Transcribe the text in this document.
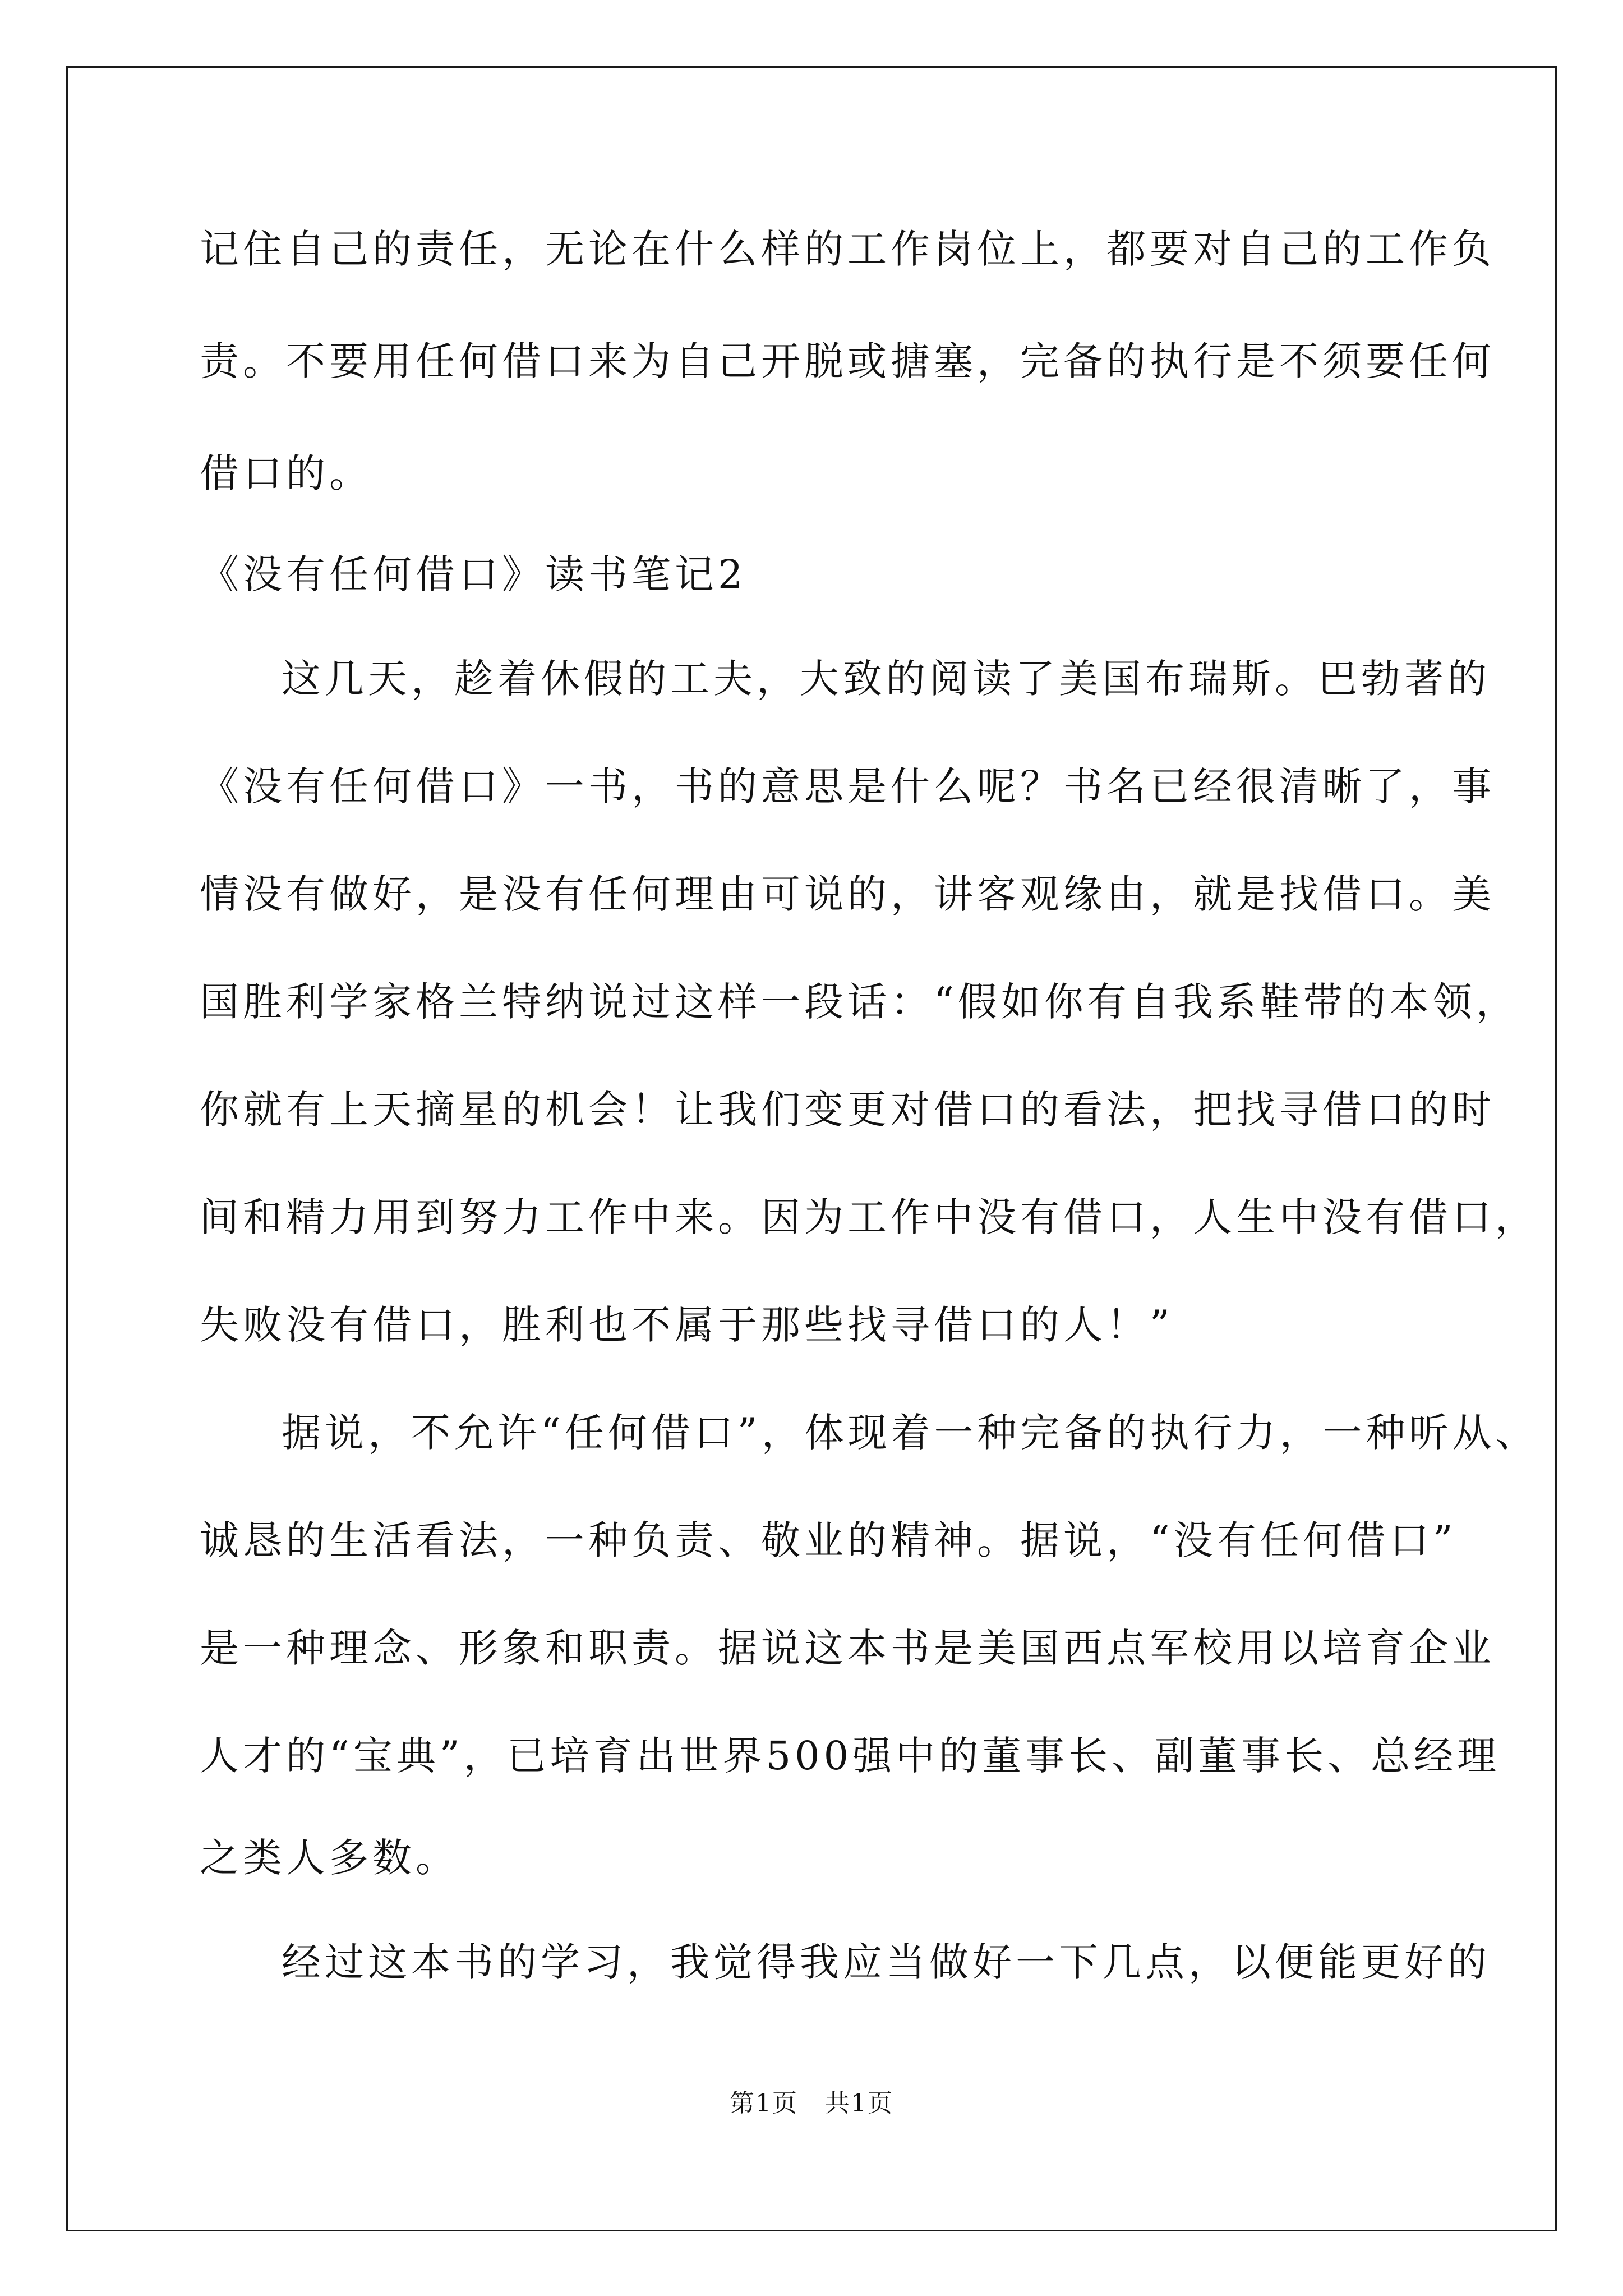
记住自己的责任，无论在什么样的工作岗位上，都要对自己的工作负
责。不要用任何借口来为自己开脱或搪塞，完备的执行是不须要任何
借口的。
《没有任何借口》读书笔记2
这几天，趁着休假的工夫，大致的阅读了美国布瑞斯。巴勃著的
《没有任何借口》一书，书的意思是什么呢？书名已经很清晰了，事
情没有做好，是没有任何理由可说的，讲客观缘由，就是找借口。美
国胜利学家格兰特纳说过这样一段话：“假如你有自我系鞋带的本领，
你就有上天摘星的机会！让我们变更对借口的看法，把找寻借口的时
间和精力用到努力工作中来。因为工作中没有借口，人生中没有借口，
失败没有借口，胜利也不属于那些找寻借口的人！”
据说，不允许“任何借口”，体现着一种完备的执行力，一种听从、
诚恳的生活看法，一种负责、敬业的精神。据说，“没有任何借口”
是一种理念、形象和职责。据说这本书是美国西点军校用以培育企业
人才的“宝典”，已培育出世界500强中的董事长、副董事长、总经理
之类人多数。
经过这本书的学习，我觉得我应当做好一下几点，以便能更好的
第1页 共1页
